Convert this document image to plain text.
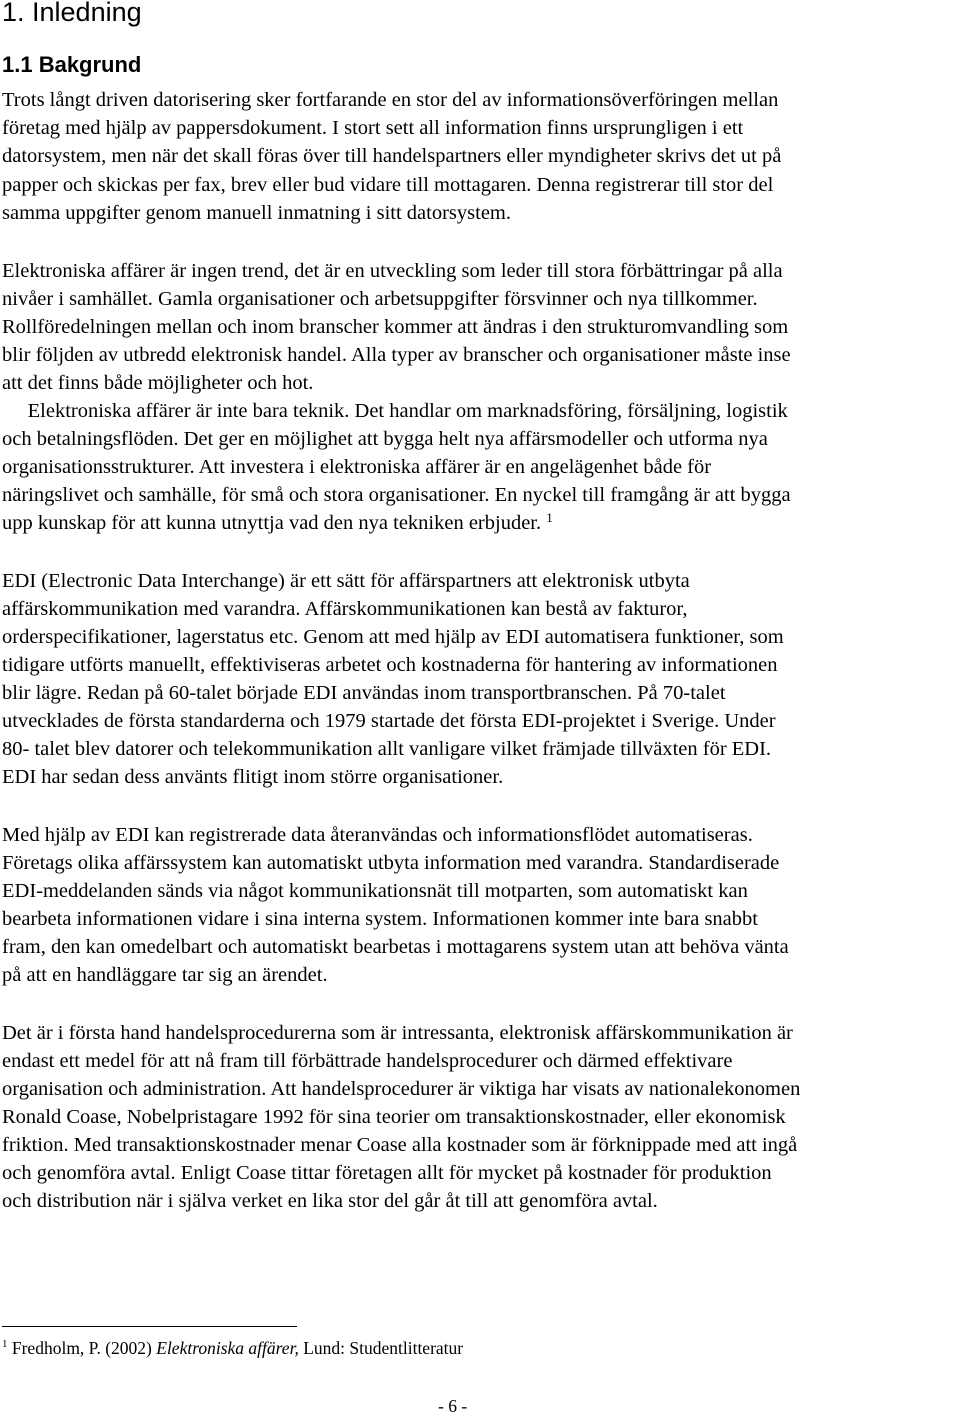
1. Inledning
1.1 Bakgrund

Trots långt driven datorisering sker fortfarande en stor del av informationsöverföringen mellan

företag med hjälp av pappersdokument. I stort sett all information finns ursprungligen i ett

datorsystem, men när det skall föras över till handelspartners eller myndigheter skrivs det ut på

papper och skickas per fax, brev eller bud vidare till mottagaren. Denna registrerar till stor del

samma uppgifter genom manuell inmatning i sitt datorsystem.

Elektroniska affärer är ingen trend, det är en utveckling som leder till stora förbättringar på alla

nivåer i samhället. Gamla organisationer och arbetsuppgifter försvinner och nya tillkommer.

Rollföredelningen mellan och inom branscher kommer att ändras i den strukturomvandling som

blir följden av utbredd elektronisk handel. Alla typer av branscher och organisationer måste inse

att det finns både möjligheter och hot.

Elektroniska affärer är inte bara teknik. Det handlar om marknadsföring, försäljning, logistik

och betalningsflöden. Det ger en möjlighet att bygga helt nya affärsmodeller och utforma nya

organisationsstrukturer. Att investera i elektroniska affärer är en angelägenhet både för

näringslivet och samhälle, för små och stora organisationer. En nyckel till framgång är att bygga

upp kunskap för att kunna utnyttja vad den nya tekniken erbjuder. $^1$

EDI (Electronic Data Interchange) är ett sätt för affärspartners att elektronisk utbyta

affärskommunikation med varandra. Affärskommunikationen kan bestå av fakturor,

orderspecifikationer, lagerstatus etc. Genom att med hjälp av EDI automatisera funktioner, som

tidigare utförts manuellt, effektiviseras arbetet och kostnaderna för hantering av informationen

blir lägre. Redan på 60-talet började EDI användas inom transportbranschen. På 70-talet

utvecklades de första standarderna och 1979 startade det första EDI-projektet i Sverige. Under

80- talet blev datorer och telekommunikation allt vanligare vilket främjade tillväxten för EDI.

EDI har sedan dess använts flitigt inom större organisationer.

Med hjälp av EDI kan registrerade data återanvändas och informationsflödet automatiseras.

Företags olika affärssystem kan automatiskt utbyta information med varandra. Standardiserade

EDI-meddelanden sänds via något kommunikationsnät till motparten, som automatiskt kan

bearbeta informationen vidare i sina interna system. Informationen kommer inte bara snabbt

fram, den kan omedelbart och automatiskt bearbetas i mottagarens system utan att behöva vänta

på att en handläggare tar sig an ärendet.

Det är i första hand handelsprocedurerna som är intressanta, elektronisk affärskommunikation är

endast ett medel för att nå fram till förbättrade handelsprocedurer och därmed effektivare

organisation och administration. Att handelsprocedurer är viktiga har visats av nationalekonomen

Ronald Coase, Nobelpristagare 1992 för sina teorier om transaktionskostnader, eller ekonomisk

friktion. Med transaktionskostnader menar Coase alla kostnader som är förknippade med att ingå

och genomföra avtal. Enligt Coase tittar företagen allt för mycket på kostnader för produktion

och distribution när i själva verket en lika stor del går åt till att genomföra avtal.

$^1$ Fredholm, P. (2002) Elektroniska affärer, Lund: Studentlitteratur
- 6 -
